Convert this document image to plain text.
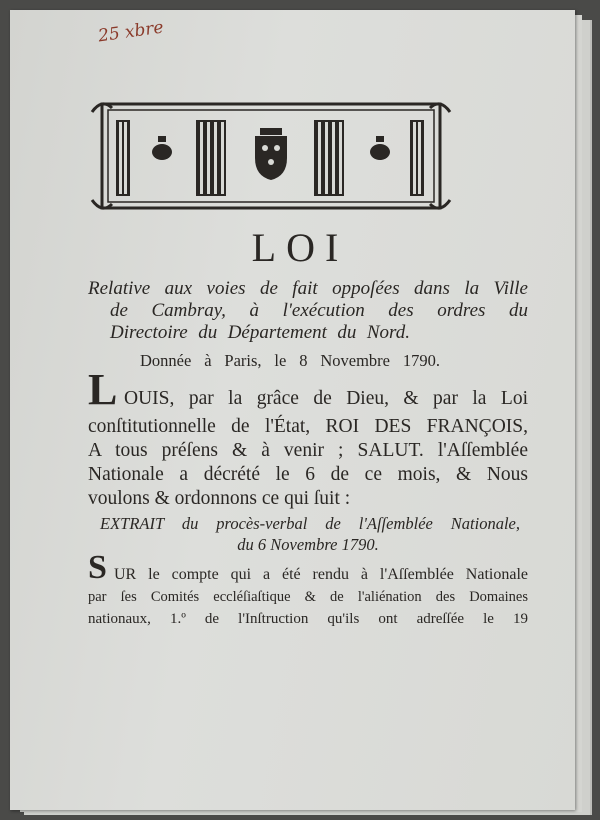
25 xbre
LOI
Relative aux voies de fait oppoſées dans la Ville
de Cambray, à l'exécution des ordres du
Directoire du Département du Nord.
Donnée à Paris, le 8 Novembre 1790.
L OUIS, par la grâce de Dieu, & par la Loi
conſtitutionnelle de l'État, ROI DES FRANÇOIS,
A tous préſens & à venir ; SALUT. l'Aſſemblée
Nationale a décrété le 6 de ce mois, & Nous
voulons & ordonnons ce qui ſuit :
EXTRAIT du procès-verbal de l'Aſſemblée Nationale,
du 6 Novembre 1790.
S UR le compte qui a été rendu à l'Aſſemblée Nationale
par ſes Comités eccléſiaſtique & de l'aliénation des Domaines
nationaux, 1.º de l'Inſtruction qu'ils ont adreſſée le 19
